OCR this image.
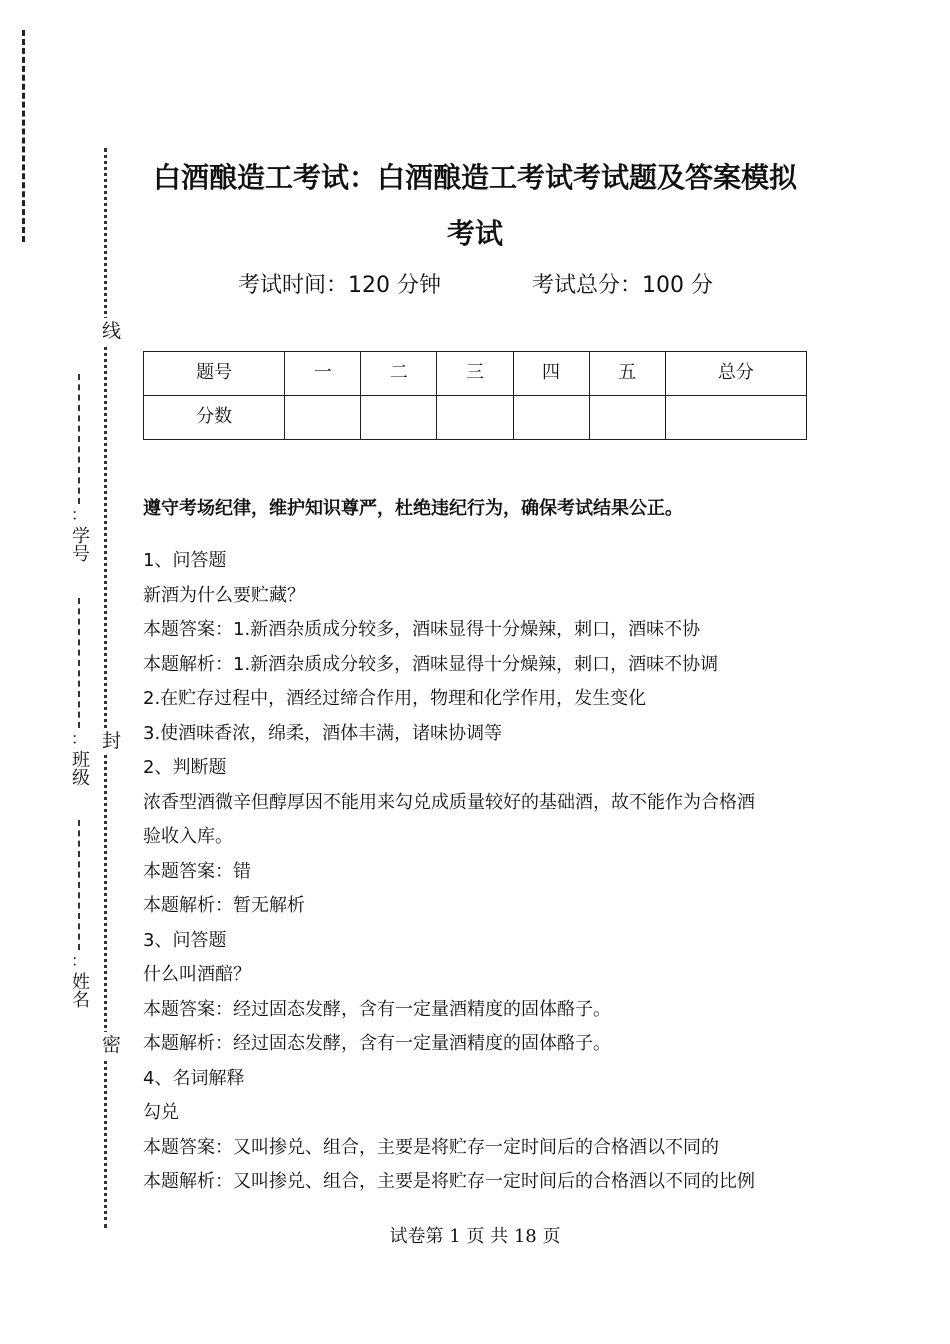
线
封
密
：
学号
：
班级
：
姓名
白酒酿造工考试：白酒酿造工考试考试题及答案模拟考试
考试时间：120 分钟	考试总分：100 分
题号	一	二	三	四	五	总分
分数						
遵守考场纪律，维护知识尊严，杜绝违纪行为，确保考试结果公正。

1、问答题

新酒为什么要贮藏？

本题答案：1.新酒杂质成分较多，酒味显得十分燥辣，刺口，酒味不协

本题解析：1.新酒杂质成分较多，酒味显得十分燥辣，刺口，酒味不协调

2.在贮存过程中，酒经过缔合作用，物理和化学作用，发生变化

3.使酒味香浓，绵柔，酒体丰满，诸味协调等

2、判断题

浓香型酒微辛但醇厚因不能用来勾兑成质量较好的基础酒，故不能作为合格酒

验收入库。

本题答案：错

本题解析：暂无解析

3、问答题

什么叫酒醅？

本题答案：经过固态发酵，含有一定量酒精度的固体酪子。

本题解析：经过固态发酵，含有一定量酒精度的固体酪子。

4、名词解释

勾兑

本题答案：又叫掺兑、组合，主要是将贮存一定时间后的合格酒以不同的

本题解析：又叫掺兑、组合，主要是将贮存一定时间后的合格酒以不同的比例

试卷第 1 页 共 18 页
